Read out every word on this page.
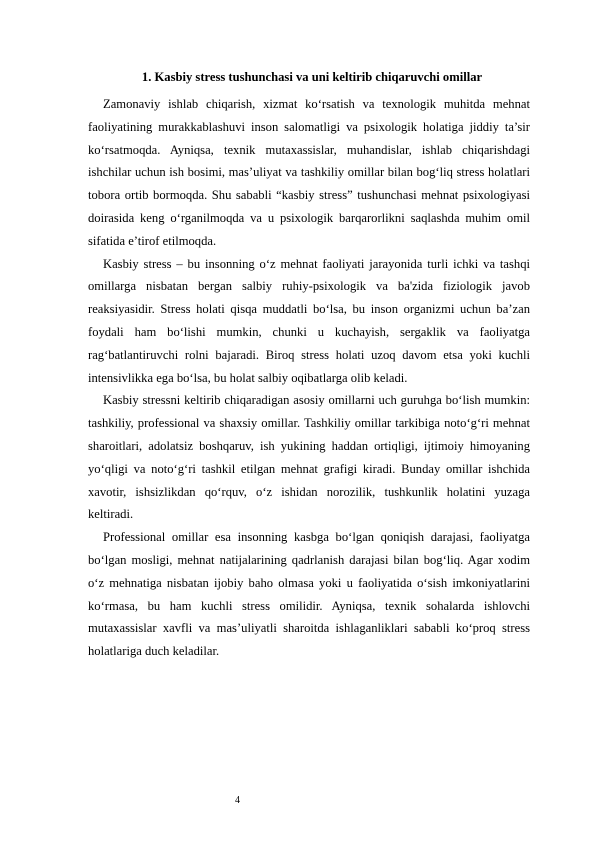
1. Kasbiy stress tushunchasi va uni keltirib chiqaruvchi omillar

Zamonaviy ishlab chiqarish, xizmat ko‘rsatish va texnologik muhitda mehnat faoliyatining murakkablashuvi inson salomatligi va psixologik holatiga jiddiy ta’sir ko‘rsatmoqda. Ayniqsa, texnik mutaxassislar, muhandislar, ishlab chiqarishdagi ishchilar uchun ish bosimi, mas’uliyat va tashkiliy omillar bilan bog‘liq stress holatlari tobora ortib bormoqda. Shu sababli “kasbiy stress” tushunchasi mehnat psixologiyasi doirasida keng o‘rganilmoqda va u psixologik barqarorlikni saqlashda muhim omil sifatida e’tirof etilmoqda.

Kasbiy stress – bu insonning o‘z mehnat faoliyati jarayonida turli ichki va tashqi omillarga nisbatan bergan salbiy ruhiy-psixologik va ba'zida fiziologik javob reaksiyasidir. Stress holati qisqa muddatli bo‘lsa, bu inson organizmi uchun ba’zan foydali ham bo‘lishi mumkin, chunki u kuchayish, sergaklik va faoliyatga rag‘batlantiruvchi rolni bajaradi. Biroq stress holati uzoq davom etsa yoki kuchli intensivlikka ega bo‘lsa, bu holat salbiy oqibatlarga olib keladi.

Kasbiy stressni keltirib chiqaradigan asosiy omillarni uch guruhga bo‘lish mumkin: tashkiliy, professional va shaxsiy omillar. Tashkiliy omillar tarkibiga noto‘g‘ri mehnat sharoitlari, adolatsiz boshqaruv, ish yukining haddan ortiqligi, ijtimoiy himoyaning yo‘qligi va noto‘g‘ri tashkil etilgan mehnat grafigi kiradi. Bunday omillar ishchida xavotir, ishsizlikdan qo‘rquv, o‘z ishidan norozilik, tushkunlik holatini yuzaga keltiradi.

Professional omillar esa insonning kasbga bo‘lgan qoniqish darajasi, faoliyatga bo‘lgan mosligi, mehnat natijalarining qadrlanish darajasi bilan bog‘liq. Agar xodim o‘z mehnatiga nisbatan ijobiy baho olmasa yoki u faoliyatida o‘sish imkoniyatlarini ko‘rmasa, bu ham kuchli stress omilidir. Ayniqsa, texnik sohalarda ishlovchi mutaxassislar xavfli va mas’uliyatli sharoitda ishlaganliklari sababli ko‘proq stress holatlariga duch keladilar.

4
